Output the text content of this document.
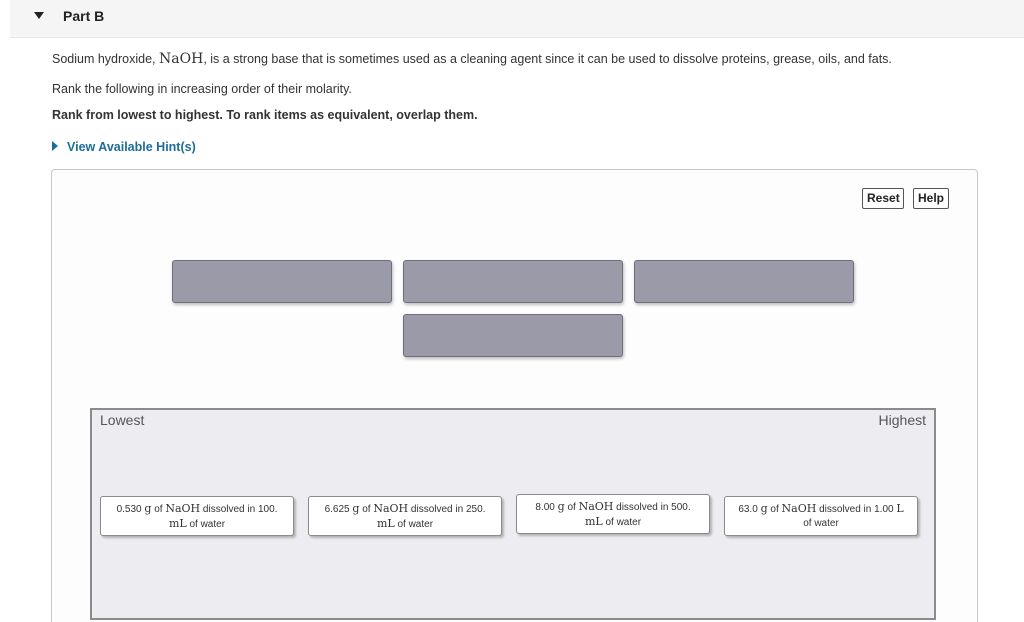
Part B
Sodium hydroxide, NaOH, is a strong base that is sometimes used as a cleaning agent since it can be used to dissolve proteins, grease, oils, and fats.
Rank the following in increasing order of their molarity.
Rank from lowest to highest. To rank items as equivalent, overlap them.
View Available Hint(s)
Reset	Help
Lowest	Highest
0.530 g of NaOH dissolved in 100.
mL of water
6.625 g of NaOH dissolved in 250.
mL of water
8.00 g of NaOH dissolved in 500.
mL of water
63.0 g of NaOH dissolved in 1.00 L
of water
